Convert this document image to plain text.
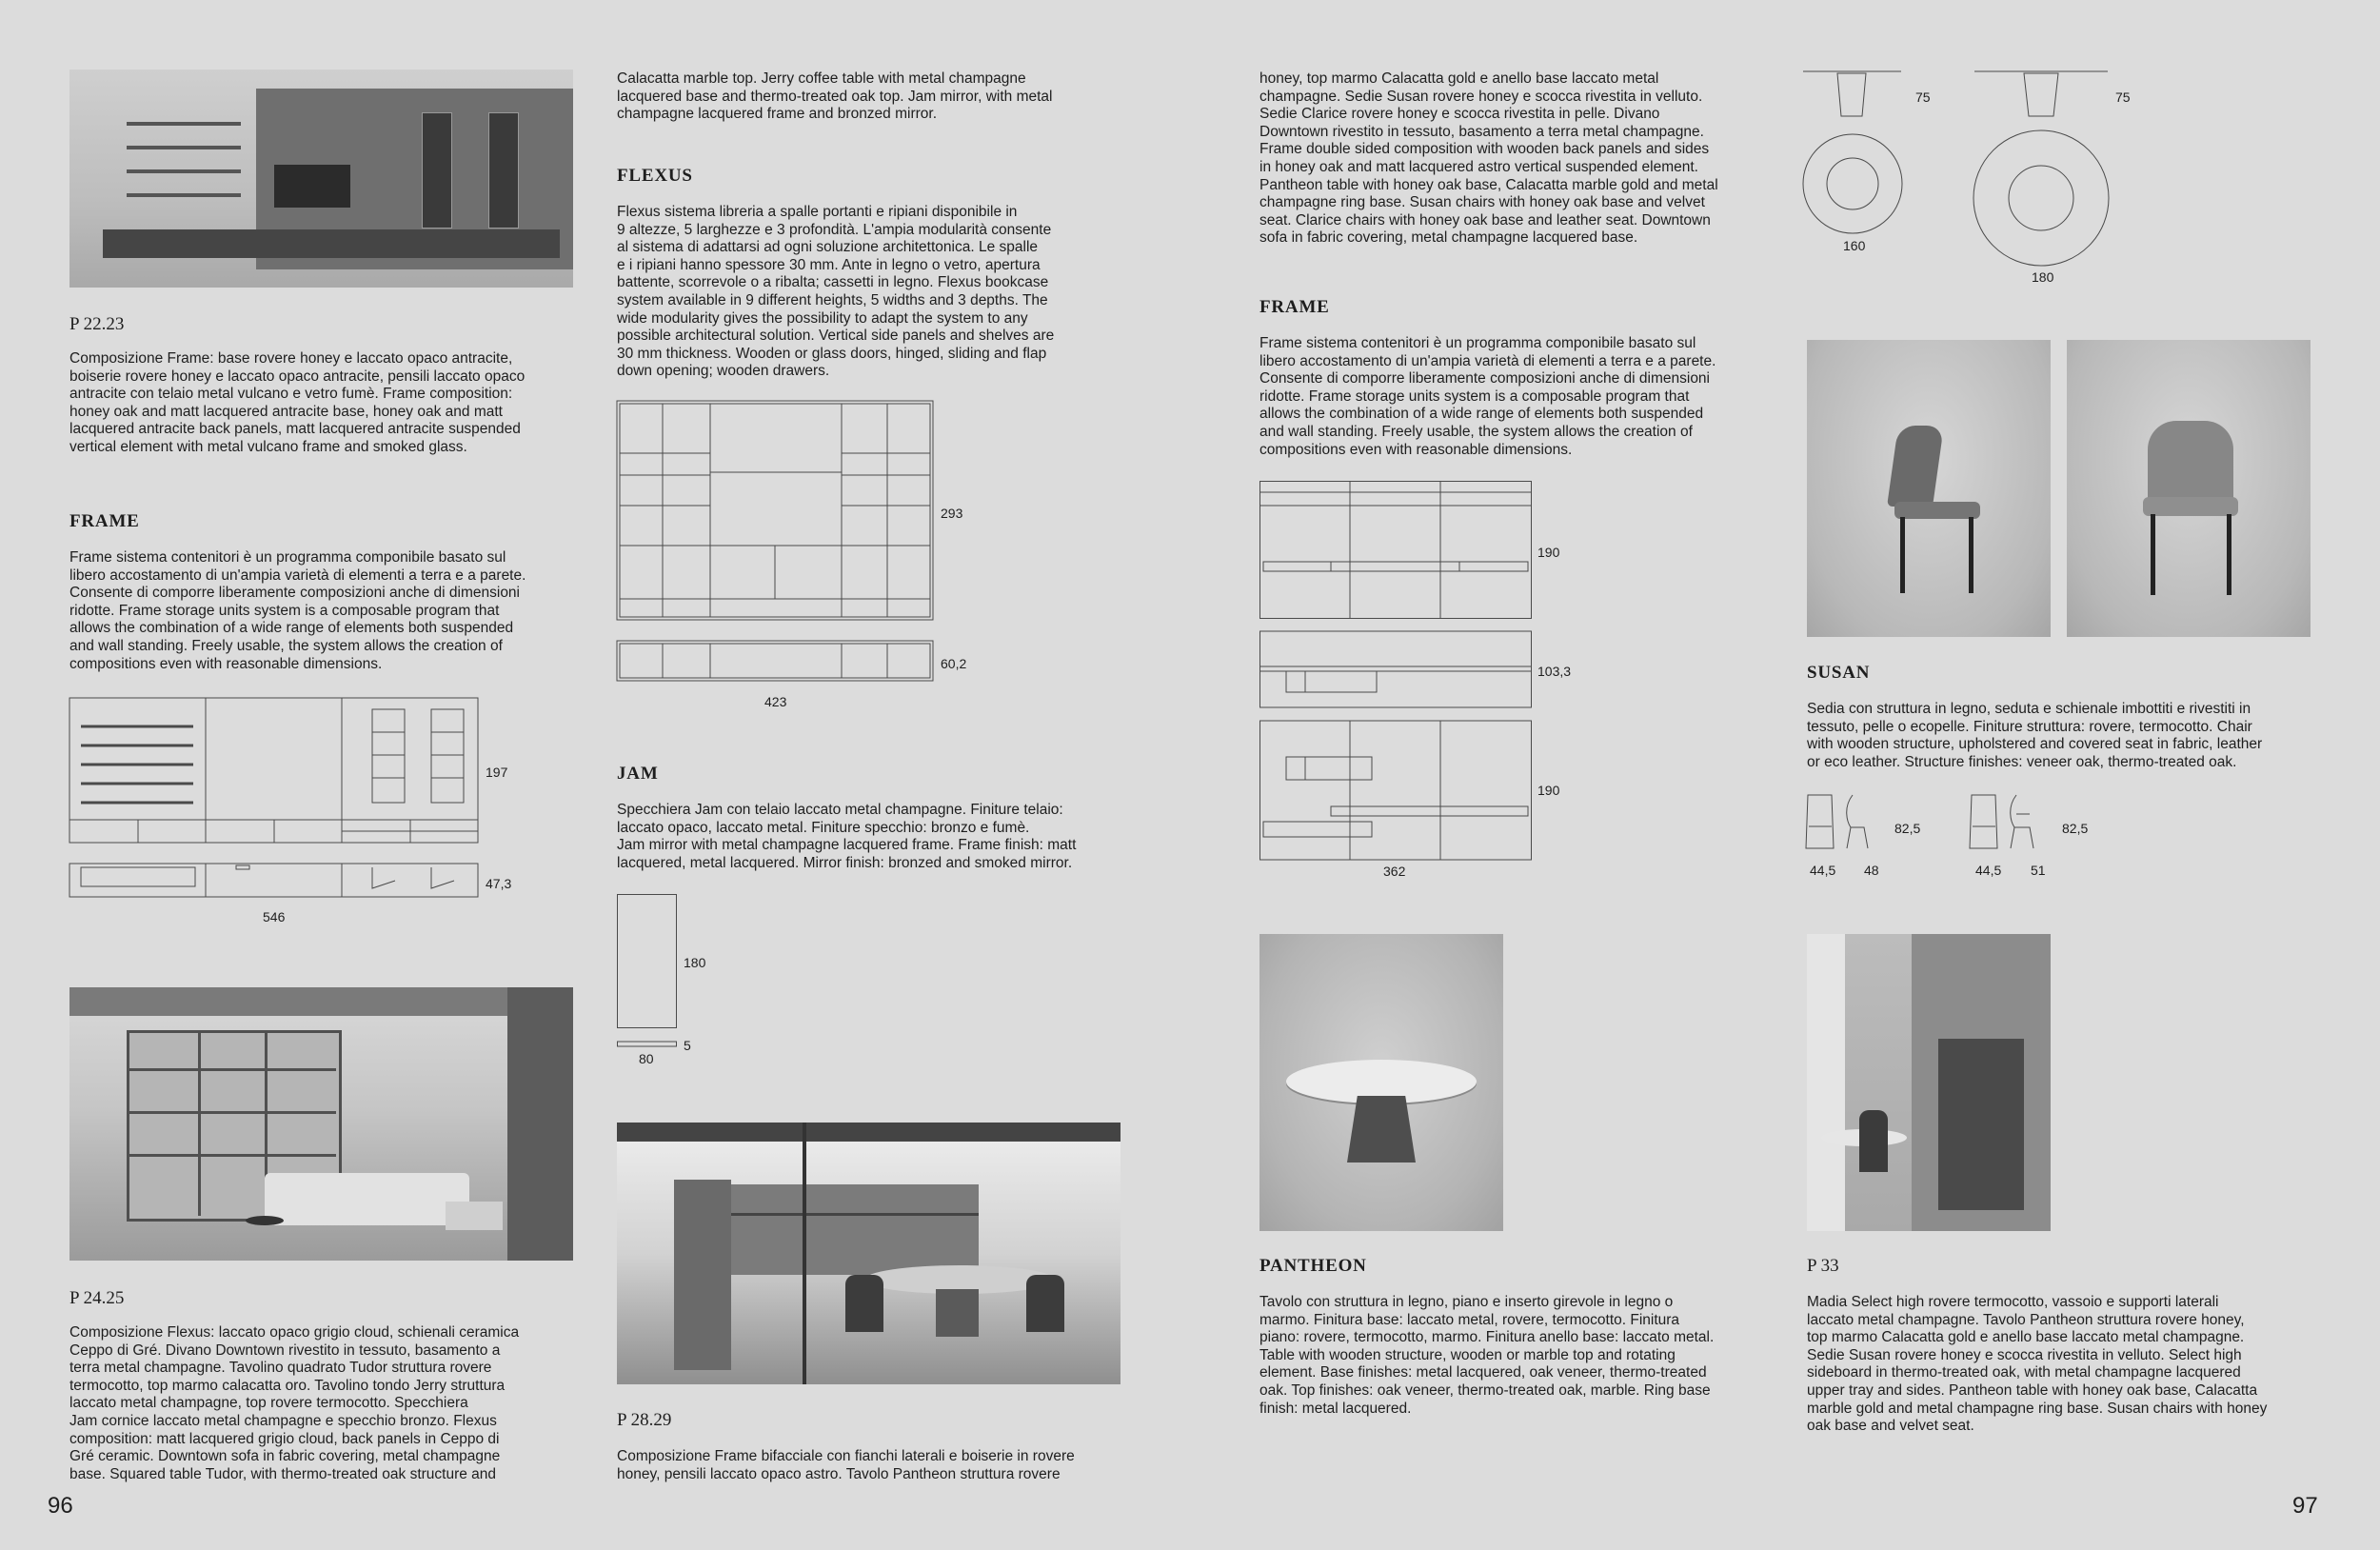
P 22.23

Composizione Frame: base rovere honey e laccato opaco antracite,
boiserie rovere honey e laccato opaco antracite, pensili laccato opaco
antracite con telaio metal vulcano e vetro fumè. Frame composition:
honey oak and matt lacquered antracite base, honey oak and matt
lacquered antracite back panels, matt lacquered antracite suspended
vertical element with metal vulcano frame and smoked glass.

FRAME

Frame sistema contenitori è un programma componibile basato sul
libero accostamento di un'ampia varietà di elementi a terra e a parete.
Consente di comporre liberamente composizioni anche di dimensioni
ridotte. Frame storage units system is a composable program that
allows the combination of a wide range of elements both suspended
and wall standing. Freely usable, the system allows the creation of
compositions even with reasonable dimensions.

197
47,3
546
P 24.25

Composizione Flexus: laccato opaco grigio cloud, schienali ceramica
Ceppo di Gré. Divano Downtown rivestito in tessuto, basamento a
terra metal champagne. Tavolino quadrato Tudor struttura rovere
termocotto, top marmo calacatta oro. Tavolino tondo Jerry struttura
laccato metal champagne, top rovere termocotto. Specchiera
Jam cornice laccato metal champagne e specchio bronzo. Flexus
composition: matt lacquered grigio cloud, back panels in Ceppo di
Gré ceramic. Downtown sofa in fabric covering, metal champagne
base. Squared table Tudor, with thermo-treated oak structure and

96

Calacatta marble top. Jerry coffee table with metal champagne
lacquered base and thermo-treated oak top. Jam mirror, with metal
champagne lacquered frame and bronzed mirror.

FLEXUS

Flexus sistema libreria a spalle portanti e ripiani disponibile in
9 altezze, 5 larghezze e 3 profondità. L'ampia modularità consente
al sistema di adattarsi ad ogni soluzione architettonica. Le spalle
e i ripiani hanno spessore 30 mm. Ante in legno o vetro, apertura
battente, scorrevole o a ribalta; cassetti in legno. Flexus bookcase
system available in 9 different heights, 5 widths and 3 depths. The
wide modularity gives the possibility to adapt the system to any
possible architectural solution. Vertical side panels and shelves are
30 mm thickness. Wooden or glass doors, hinged, sliding and flap
down opening; wooden drawers.

293
60,2
423
JAM

Specchiera Jam con telaio laccato metal champagne. Finiture telaio:
laccato opaco, laccato metal. Finiture specchio: bronzo e fumè.
Jam mirror with metal champagne lacquered frame. Frame finish: matt
lacquered, metal lacquered. Mirror finish: bronzed and smoked mirror.

180
5
80
P 28.29

Composizione Frame bifacciale con fianchi laterali e boiserie in rovere
honey, pensili laccato opaco astro. Tavolo Pantheon struttura rovere

honey, top marmo Calacatta gold e anello base laccato metal
champagne. Sedie Susan rovere honey e scocca rivestita in velluto.
Sedie Clarice rovere honey e scocca rivestita in pelle. Divano
Downtown rivestito in tessuto, basamento a terra metal champagne.
Frame double sided composition with wooden back panels and sides
in honey oak and matt lacquered astro vertical suspended element.
Pantheon table with honey oak base, Calacatta marble gold and metal
champagne ring base. Susan chairs with honey oak base and velvet
seat. Clarice chairs with honey oak base and leather seat. Downtown
sofa in fabric covering, metal champagne lacquered base.

FRAME

Frame sistema contenitori è un programma componibile basato sul
libero accostamento di un'ampia varietà di elementi a terra e a parete.
Consente di comporre liberamente composizioni anche di dimensioni
ridotte. Frame storage units system is a composable program that
allows the combination of a wide range of elements both suspended
and wall standing. Freely usable, the system allows the creation of
compositions even with reasonable dimensions.

190
103,3
190
362
PANTHEON

Tavolo con struttura in legno, piano e inserto girevole in legno o
marmo. Finitura base: laccato metal, rovere, termocotto. Finitura
piano: rovere, termocotto, marmo. Finitura anello base: laccato metal.
Table with wooden structure, wooden or marble top and rotating
element. Base finishes: metal lacquered, oak veneer, thermo-treated
oak. Top finishes: oak veneer, thermo-treated oak, marble. Ring base
finish: metal lacquered.

75	75
160
180
SUSAN

Sedia con struttura in legno, seduta e schienale imbottiti e rivestiti in
tessuto, pelle o ecopelle. Finiture struttura: rovere, termocotto. Chair
with wooden structure, upholstered and covered seat in fabric, leather
or eco leather. Structure finishes: veneer oak, thermo-treated oak.

82,5
44,5 48
82,5
44,5 51
P 33

Madia Select high rovere termocotto, vassoio e supporti laterali
laccato metal champagne. Tavolo Pantheon struttura rovere honey,
top marmo Calacatta gold e anello base laccato metal champagne.
Sedie Susan rovere honey e scocca rivestita in velluto. Select high
sideboard in thermo-treated oak, with metal champagne lacquered
upper tray and sides. Pantheon table with honey oak base, Calacatta
marble gold and metal champagne ring base. Susan chairs with honey
oak base and velvet seat.

97
